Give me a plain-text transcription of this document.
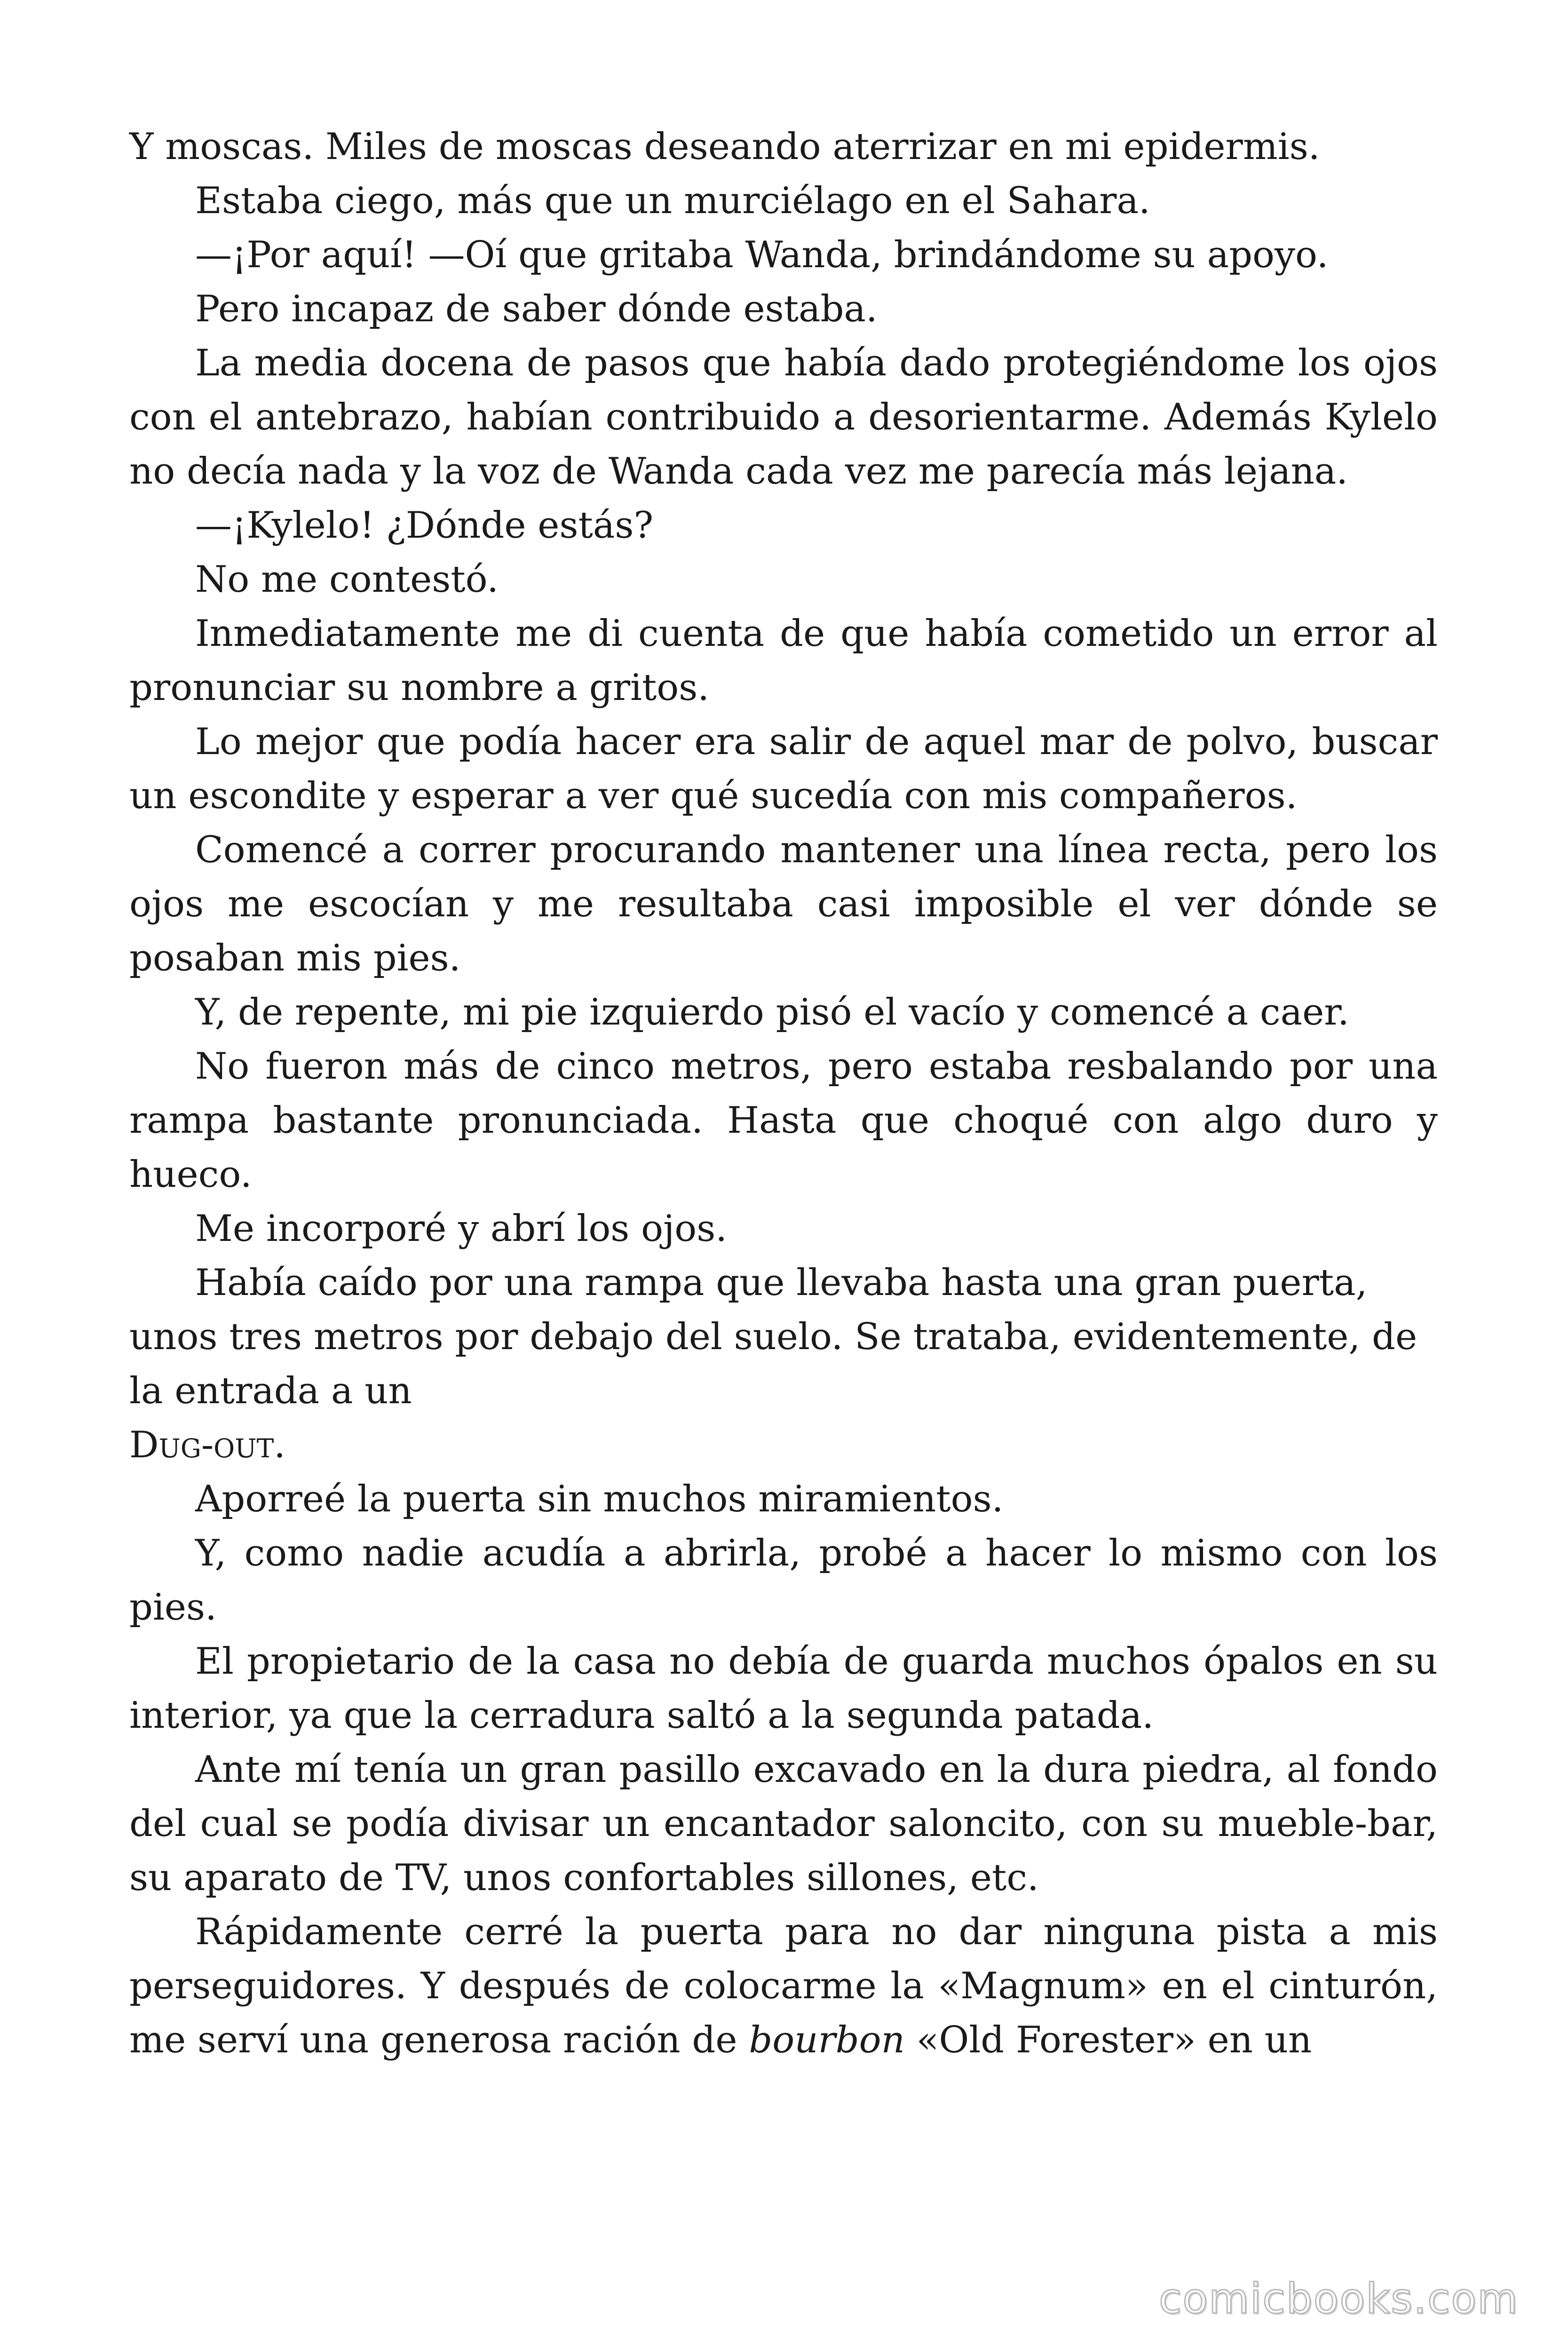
Y moscas. Miles de moscas deseando aterrizar en mi epidermis.

Estaba ciego, más que un murciélago en el Sahara.

—¡Por aquí! —Oí que gritaba Wanda, brindándome su apoyo.

Pero incapaz de saber dónde estaba.

La media docena de pasos que había dado protegiéndome los ojos con el antebrazo, habían contribuido a desorientarme. Además Kylelo no decía nada y la voz de Wanda cada vez me parecía más lejana.

—¡Kylelo! ¿Dónde estás?

No me contestó.

Inmediatamente me di cuenta de que había cometido un error al pronunciar su nombre a gritos.

Lo mejor que podía hacer era salir de aquel mar de polvo, buscar un escondite y esperar a ver qué sucedía con mis compañeros.

Comencé a correr procurando mantener una línea recta, pero los ojos me escocían y me resultaba casi imposible el ver dónde se posaban mis pies.

Y, de repente, mi pie izquierdo pisó el vacío y comencé a caer.

No fueron más de cinco metros, pero estaba resbalando por una rampa bastante pronunciada. Hasta que choqué con algo duro y hueco.

Me incorporé y abrí los ojos.

Había caído por una rampa que llevaba hasta una gran puerta, unos tres metros por debajo del suelo. Se trataba, evidentemente, de la entrada a un

Dug-out.

Aporreé la puerta sin muchos miramientos.

Y, como nadie acudía a abrirla, probé a hacer lo mismo con los pies.

El propietario de la casa no debía de guarda muchos ópalos en su interior, ya que la cerradura saltó a la segunda patada.

Ante mí tenía un gran pasillo excavado en la dura piedra, al fondo del cual se podía divisar un encantador saloncito, con su mueble-bar, su aparato de TV, unos confortables sillones, etc.

Rápidamente cerré la puerta para no dar ninguna pista a mis perseguidores. Y después de colocarme la «Magnum» en el cinturón, me serví una generosa ración de bourbon «Old Forester» en un

comicbooks.com
